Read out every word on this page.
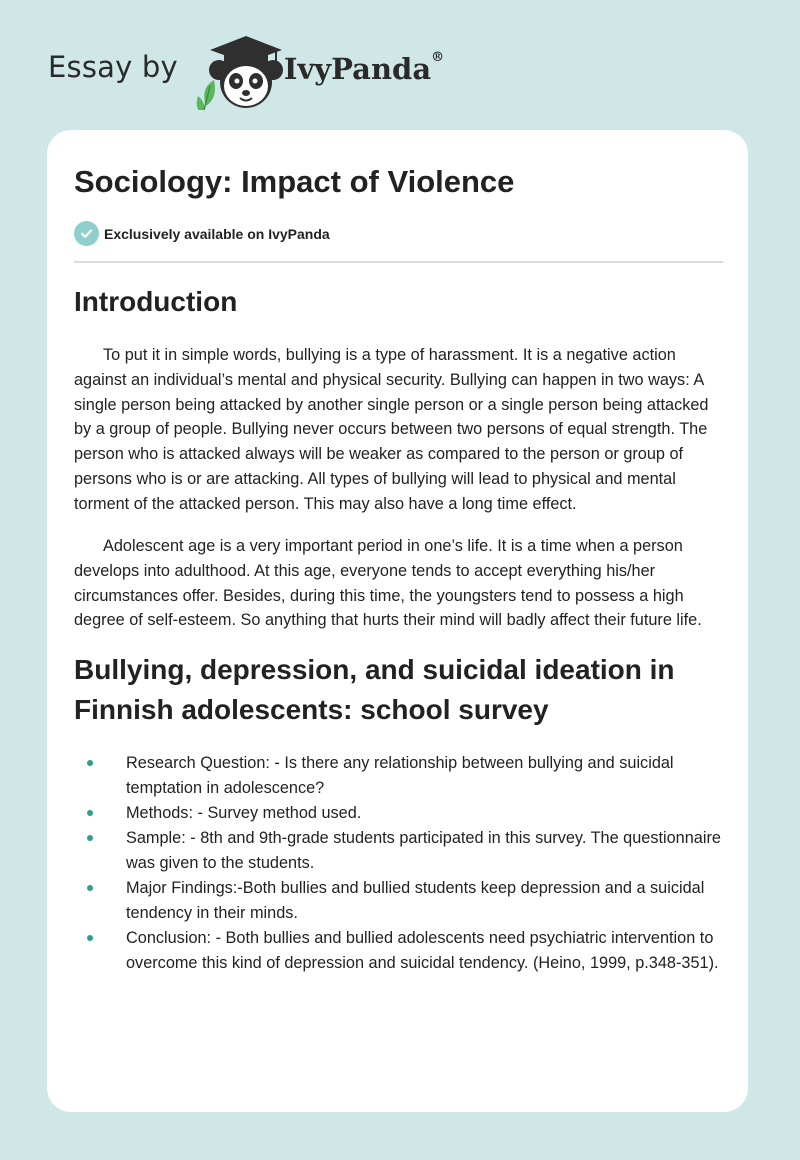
Essay by	IvyPanda®
Sociology: Impact of Violence
Exclusively available on IvyPanda
Introduction

To put it in simple words, bullying is a type of harassment. It is a negative action against an individual’s mental and physical security. Bullying can happen in two ways: A single person being attacked by another single person or a single person being attacked by a group of people. Bullying never occurs between two persons of equal strength. The person who is attacked always will be weaker as compared to the person or group of persons who is or are attacking. All types of bullying will lead to physical and mental torment of the attacked person. This may also have a long time effect.

Adolescent age is a very important period in one’s life. It is a time when a person develops into adulthood. At this age, everyone tends to accept everything his/her circumstances offer. Besides, during this time, the youngsters tend to possess a high degree of self-esteem. So anything that hurts their mind will badly affect their future life.

Bullying, depression, and suicidal ideation in Finnish adolescents: school survey
Research Question: - Is there any relationship between bullying and suicidal temptation in adolescence?
Methods: - Survey method used.
Sample: - 8th and 9th-grade students participated in this survey. The questionnaire was given to the students.
Major Findings:-Both bullies and bullied students keep depression and a suicidal tendency in their minds.
Conclusion: - Both bullies and bullied adolescents need psychiatric intervention to overcome this kind of depression and suicidal tendency. (Heino, 1999, p.348-351).
